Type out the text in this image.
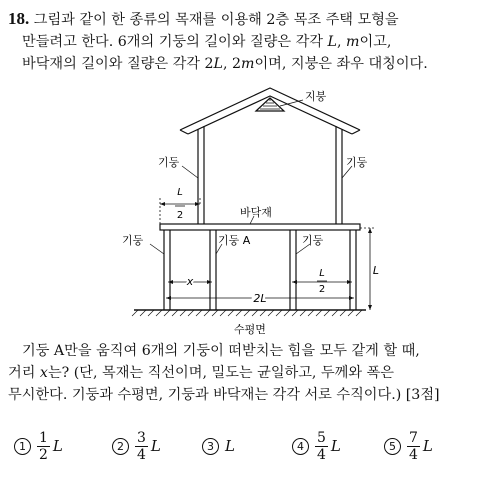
18. 그림과 같이 한 종류의 목재를 이용해 2층 목조 주택 모형을
만들려고 한다. 6개의 기둥의 길이와 질량은 각각 L, m이고,
바닥재의 길이와 질량은 각각 2L, 2m이며, 지붕은 좌우 대칭이다.
지붕
기둥	기둥
L
2	바닥재
기둥	기둥 A	기둥
x
L
2
2L
L
수평면
기둥 A만을 움직여 6개의 기둥이 떠받치는 힘을 모두 같게 할 때,
거리 x는? (단, 목재는 직선이며, 밀도는 균일하고, 두께와 폭은
무시한다. 기둥과 수평면, 기둥과 바닥재는 각각 서로 수직이다.) [3점]
$1 \frac{1}{2}$ L	$2 \frac{3}{4}$ L	3 L	$4 \frac{5}{4}$ L	$5 \frac{7}{4}$ L
